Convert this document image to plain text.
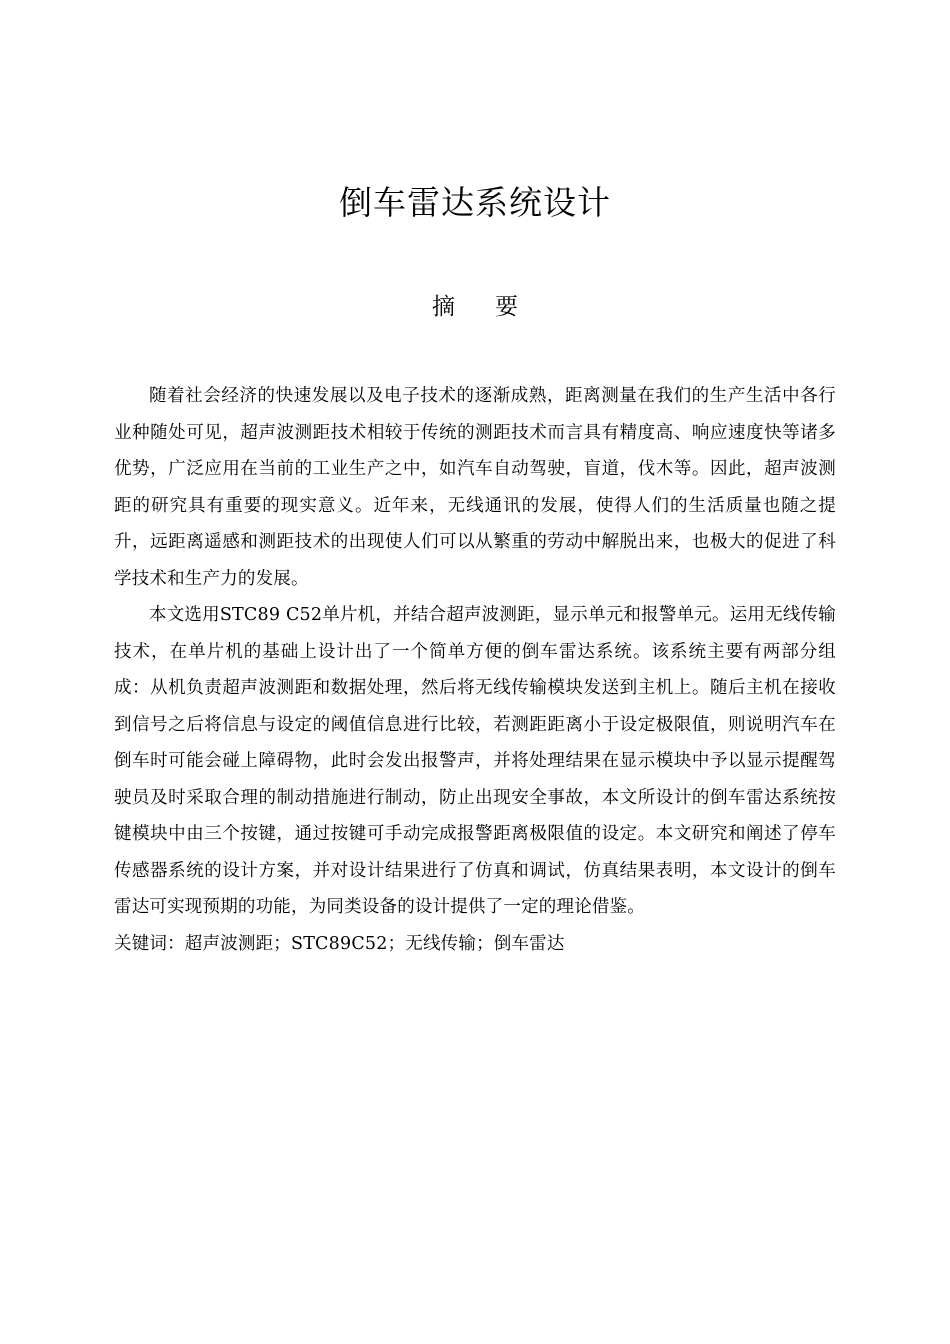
倒车雷达系统设计
摘要

随着社会经济的快速发展以及电子技术的逐渐成熟，距离测量在我们的生产生活中各行业种随处可见，超声波测距技术相较于传统的测距技术而言具有精度高、响应速度快等诸多优势，广泛应用在当前的工业生产之中，如汽车自动驾驶，盲道，伐木等。因此，超声波测距的研究具有重要的现实意义。近年来，无线通讯的发展，使得人们的生活质量也随之提升，远距离遥感和测距技术的出现使人们可以从繁重的劳动中解脱出来，也极大的促进了科学技术和生产力的发展。

本文选用STC89 C52单片机，并结合超声波测距，显示单元和报警单元。运用无线传输技术，在单片机的基础上设计出了一个简单方便的倒车雷达系统。该系统主要有两部分组成：从机负责超声波测距和数据处理，然后将无线传输模块发送到主机上。随后主机在接收到信号之后将信息与设定的阈值信息进行比较，若测距距离小于设定极限值，则说明汽车在倒车时可能会碰上障碍物，此时会发出报警声，并将处理结果在显示模块中予以显示提醒驾驶员及时采取合理的制动措施进行制动，防止出现安全事故，本文所设计的倒车雷达系统按键模块中由三个按键，通过按键可手动完成报警距离极限值的设定。本文研究和阐述了停车传感器系统的设计方案，并对设计结果进行了仿真和调试，仿真结果表明，本文设计的倒车雷达可实现预期的功能，为同类设备的设计提供了一定的理论借鉴。

关键词：超声波测距；STC89C52；无线传输；倒车雷达
